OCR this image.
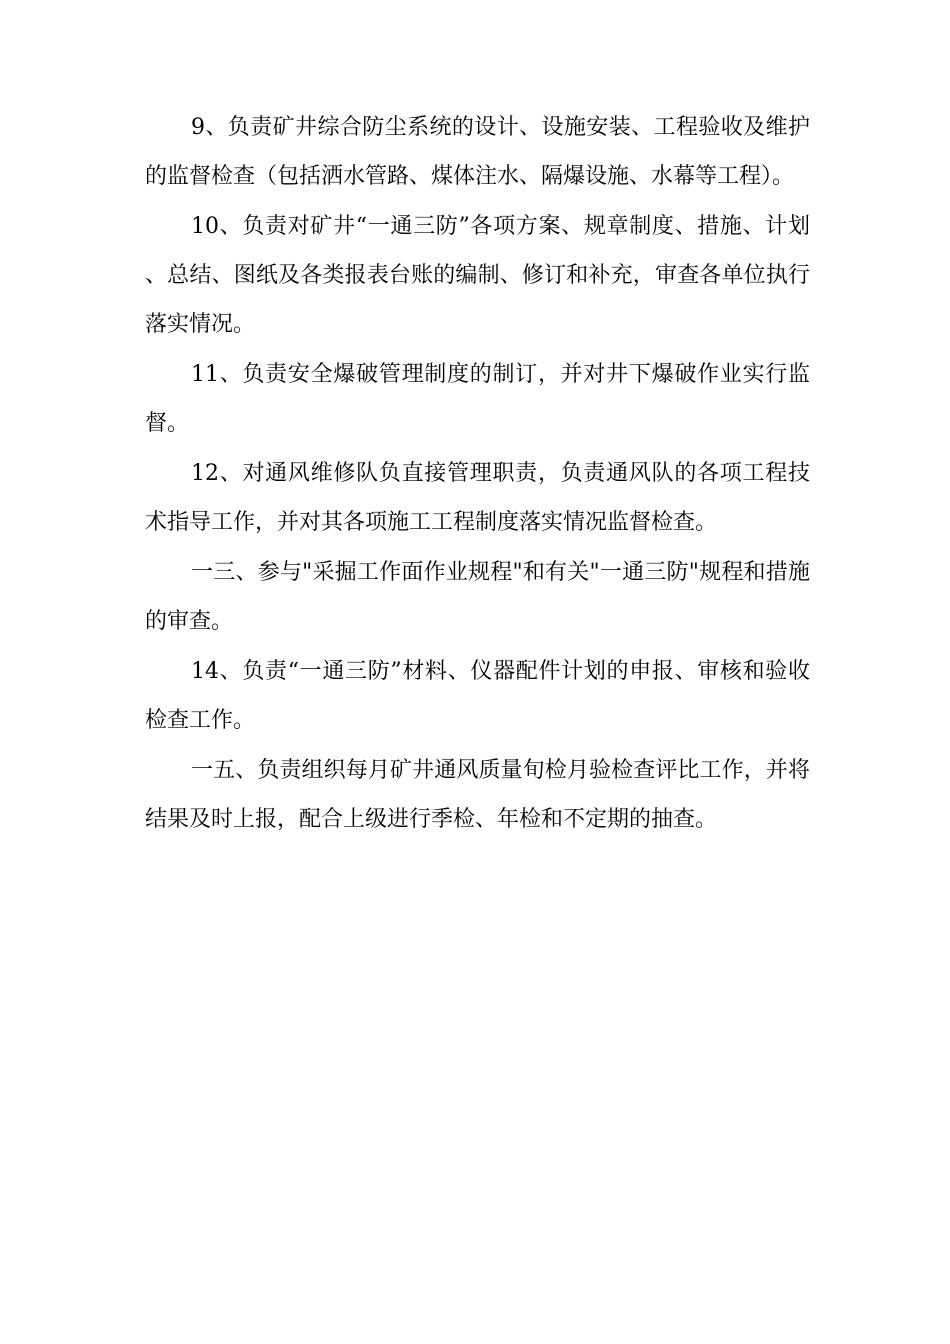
9、负责矿井综合防尘系统的设计、设施安装、工程验收及维护的监督检查（包括洒水管路、煤体注水、隔爆设施、水幕等工程）。

10、负责对矿井“一通三防”各项方案、规章制度、措施、计划、总结、图纸及各类报表台账的编制、修订和补充，审查各单位执行落实情况。

11、负责安全爆破管理制度的制订，并对井下爆破作业实行监督。

12、对通风维修队负直接管理职责，负责通风队的各项工程技术指导工作，并对其各项施工工程制度落实情况监督检查。

一三、参与"采掘工作面作业规程"和有关"一通三防"规程和措施的审查。

14、负责“一通三防”材料、仪器配件计划的申报、审核和验收检查工作。

一五、负责组织每月矿井通风质量旬检月验检查评比工作，并将结果及时上报，配合上级进行季检、年检和不定期的抽查。
